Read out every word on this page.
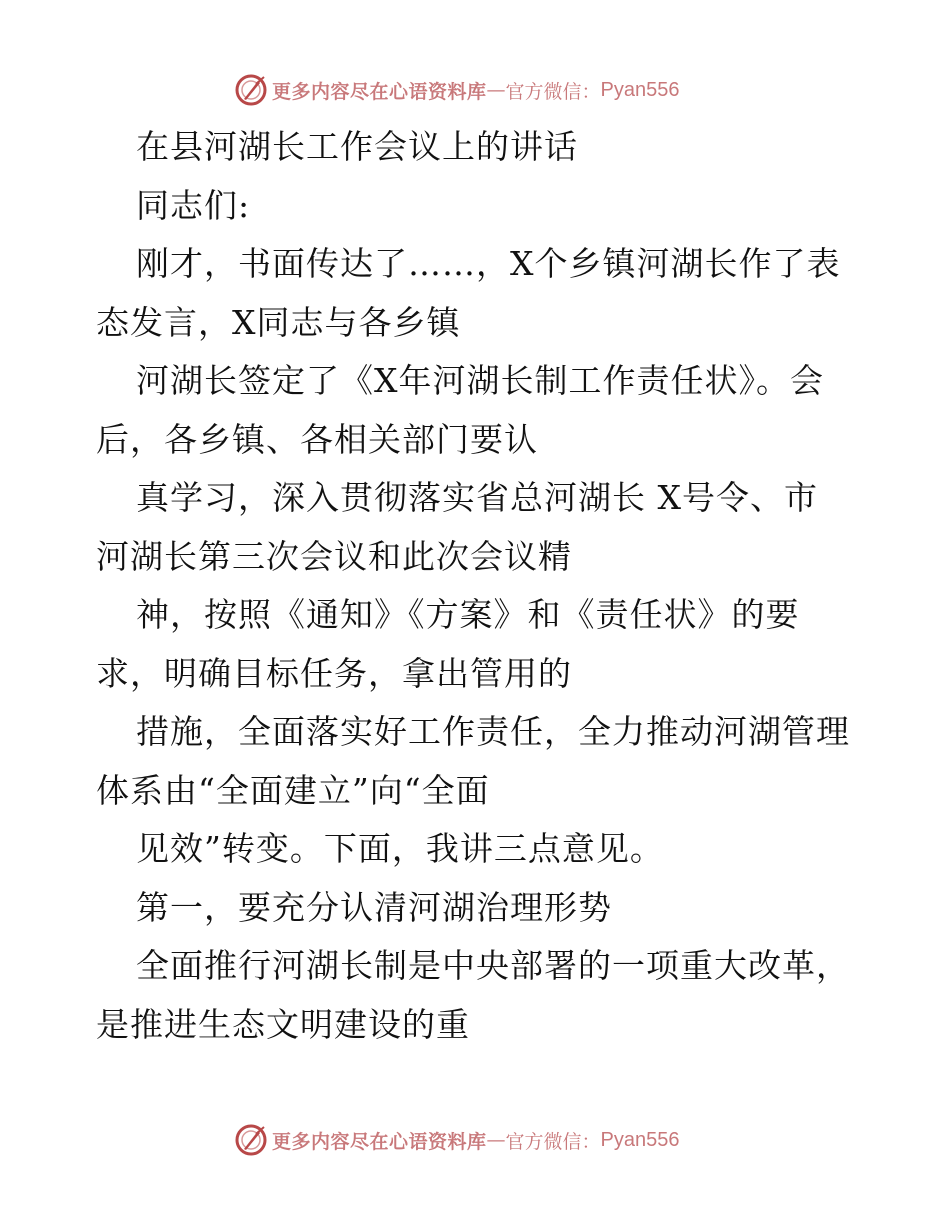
更多内容尽在心语资料库 — 官方微信： Pyan556
在县河湖长工作会议上的讲话
同志们:
刚才，书面传达了……，X个乡镇河湖长作了表
态发言，X同志与各乡镇
河湖长签定了《X年河湖长制工作责任状》。会
后，各乡镇、各相关部门要认
真学习，深入贯彻落实省总河湖长 X号令、市
河湖长第三次会议和此次会议精
神，按照《通知》《方案》和《责任状》的要
求，明确目标任务，拿出管用的
措施，全面落实好工作责任，全力推动河湖管理
体系由“全面建立”向“全面
见效”转变。下面，我讲三点意见。
第一，要充分认清河湖治理形势
全面推行河湖长制是中央部署的一项重大改革，
是推进生态文明建设的重
更多内容尽在心语资料库 — 官方微信： Pyan556
